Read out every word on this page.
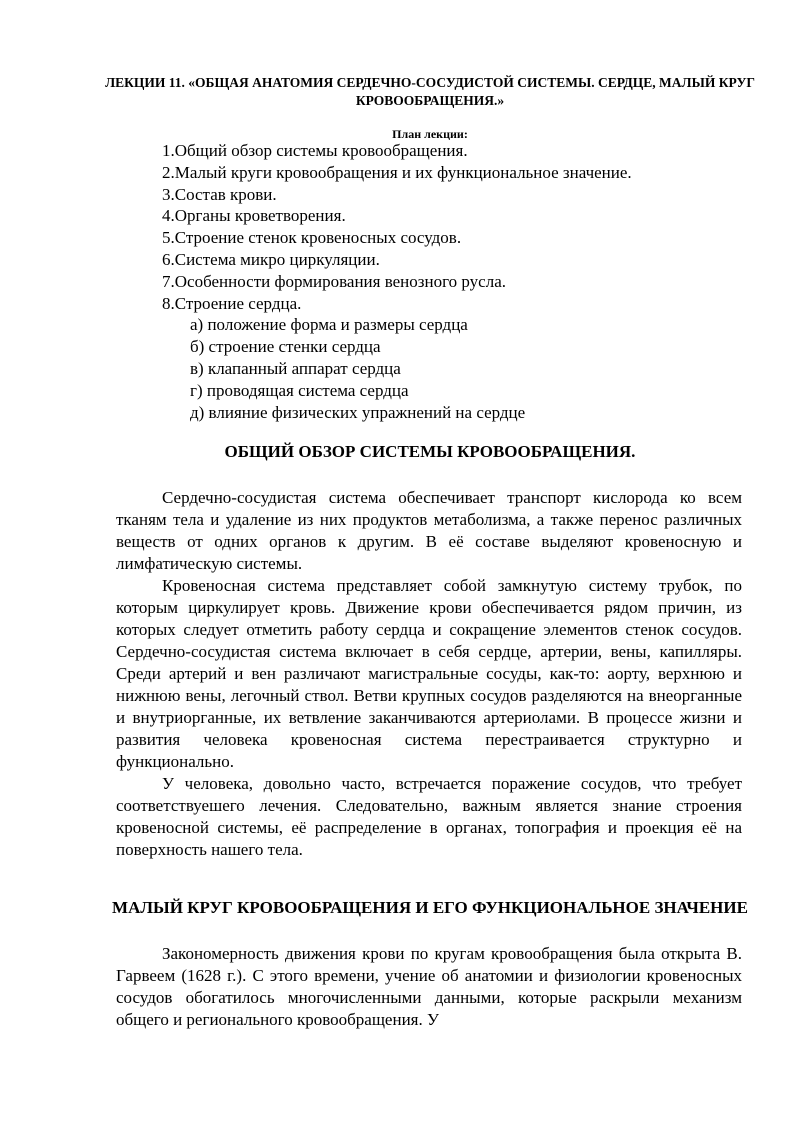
ЛЕКЦИИ 11. «ОБЩАЯ АНАТОМИЯ СЕРДЕЧНО-СОСУДИСТОЙ СИСТЕМЫ. СЕРДЦЕ, МАЛЫЙ КРУГ КРОВООБРАЩЕНИЯ.»
План лекции:
1.Общий обзор системы кровообращения.
2.Малый круги кровообращения и их функциональное значение.
3.Состав крови.
4.Органы кроветворения.
5.Строение стенок кровеносных сосудов.
6.Система микро циркуляции.
7.Особенности формирования венозного русла.
8.Строение сердца.
а) положение форма и размеры сердца
б) строение стенки сердца
в) клапанный аппарат сердца
г) проводящая система сердца
д) влияние физических упражнений на сердце
ОБЩИЙ ОБЗОР СИСТЕМЫ КРОВООБРАЩЕНИЯ.

Сердечно-сосудистая система обеспечивает транспорт кислорода ко всем тканям тела и удаление из них продуктов метаболизма, а также перенос различных веществ от одних органов к другим. В её составе выделяют кровеносную и лимфатическую системы.

Кровеносная система представляет собой замкнутую систему трубок, по которым циркулирует кровь. Движение крови обеспечивается рядом причин, из которых следует отметить работу сердца и сокращение элементов стенок сосудов. Сердечно-сосудистая система включает в себя сердце, артерии, вены, капилляры. Среди артерий и вен различают магистральные сосуды, как-то: аорту, верхнюю и нижнюю вены, легочный ствол. Ветви крупных сосудов разделяются на внеорганные и внутриорганные, их ветвление заканчиваются артериолами. В процессе жизни и развития человека кровеносная система перестраивается структурно и функционально.

У человека, довольно часто, встречается поражение сосудов, что требует соответствуешего лечения. Следовательно, важным является знание строения кровеносной системы, её распределение в органах, топография и проекция её на поверхность нашего тела.

МАЛЫЙ КРУГ КРОВООБРАЩЕНИЯ И ЕГО ФУНКЦИОНАЛЬНОЕ ЗНАЧЕНИЕ

Закономерность движения крови по кругам кровообращения была открыта В. Гарвеем (1628 г.). С этого времени, учение об анатомии и физиологии кровеносных сосудов обогатилось многочисленными данными, которые раскрыли механизм общего и регионального кровообращения. У
